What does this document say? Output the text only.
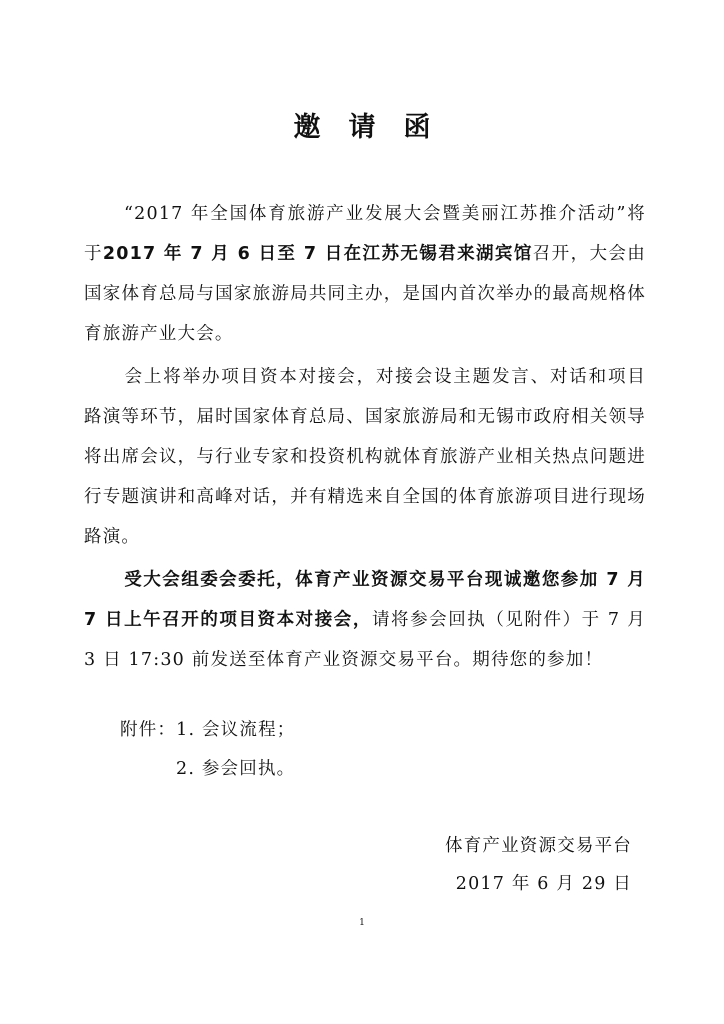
邀请函
“2017 年全国体育旅游产业发展大会暨美丽江苏推介活动”将于2017 年 7 月 6 日至 7 日在江苏无锡君来湖宾馆召开，大会由国家体育总局与国家旅游局共同主办，是国内首次举办的最高规格体育旅游产业大会。
会上将举办项目资本对接会，对接会设主题发言、对话和项目路演等环节，届时国家体育总局、国家旅游局和无锡市政府相关领导将出席会议，与行业专家和投资机构就体育旅游产业相关热点问题进行专题演讲和高峰对话，并有精选来自全国的体育旅游项目进行现场路演。
受大会组委会委托，体育产业资源交易平台现诚邀您参加 7 月 7 日上午召开的项目资本对接会，请将参会回执（见附件）于 7 月 3 日 17:30 前发送至体育产业资源交易平台。期待您的参加！
附件：1. 会议流程；
2. 参会回执。
体育产业资源交易平台
2017 年 6 月 29 日
1
